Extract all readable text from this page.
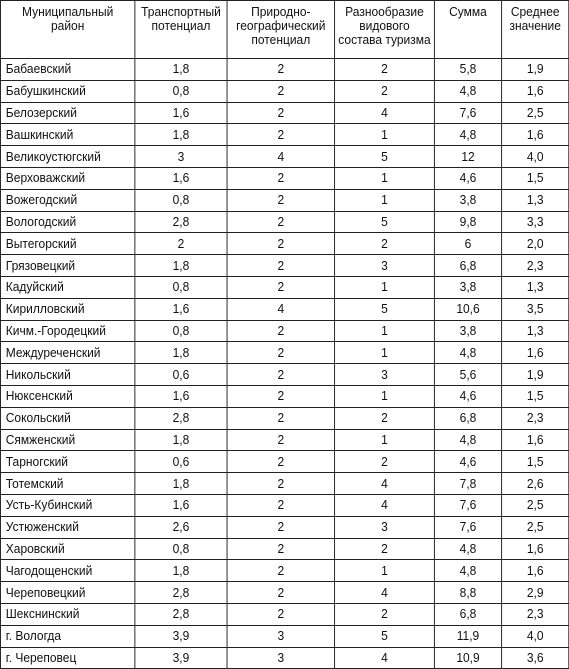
Муниципальный район	Транспортный потенциал	Природно-географический потенциал	Разнообразие видового состава туризма	Сумма	Среднее значение
Бабаевский	1,8	2	2	5,8	1,9
Бабушкинский	0,8	2	2	4,8	1,6
Белозерский	1,6	2	4	7,6	2,5
Вашкинский	1,8	2	1	4,8	1,6
Великоустюгский	3	4	5	12	4,0
Верховажский	1,6	2	1	4,6	1,5
Вожегодский	0,8	2	1	3,8	1,3
Вологодский	2,8	2	5	9,8	3,3
Вытегорский	2	2	2	6	2,0
Грязовецкий	1,8	2	3	6,8	2,3
Кадуйский	0,8	2	1	3,8	1,3
Кирилловский	1,6	4	5	10,6	3,5
Кичм.-Городецкий	0,8	2	1	3,8	1,3
Междуреченский	1,8	2	1	4,8	1,6
Никольский	0,6	2	3	5,6	1,9
Нюксенский	1,6	2	1	4,6	1,5
Сокольский	2,8	2	2	6,8	2,3
Сямженский	1,8	2	1	4,8	1,6
Тарногский	0,6	2	2	4,6	1,5
Тотемский	1,8	2	4	7,8	2,6
Усть-Кубинский	1,6	2	4	7,6	2,5
Устюженский	2,6	2	3	7,6	2,5
Харовский	0,8	2	2	4,8	1,6
Чагодощенский	1,8	2	1	4,8	1,6
Череповецкий	2,8	2	4	8,8	2,9
Шекснинский	2,8	2	2	6,8	2,3
г. Вологда	3,9	3	5	11,9	4,0
г. Череповец	3,9	3	4	10,9	3,6
